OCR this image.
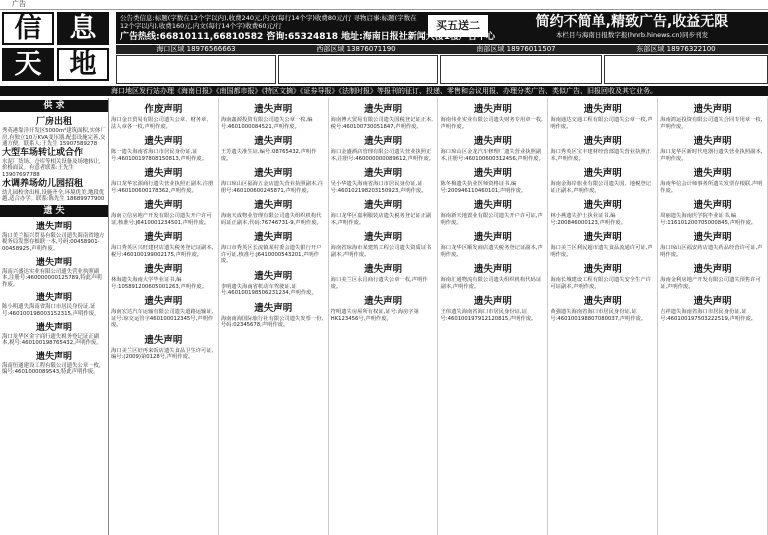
广告
信	息
天	地
公告类信息:标题(字数在12个字以内),收费240元,内文(每行14个字)收费80元/行 寻物启事:标题(字数在12个字以内),收费160元,内文(每行14个字)收费60元/行	买五送二	简约不简单,精致广告,收益无限
本栏目与海南日报数字报(hnrb.hinews.cn)同步刊发
广告热线:66810111,66810582 咨询:65324818 地址:海南日报社新闻大楼1楼广告中心
海口区域 18976566663	西部区域 13876071190	南部区域 18976011507	东部区域 18976322100
海口地区发行站办理《海南日报》《南国都市报》《特区文摘》《证券导报》《法制时报》等报刊的征订、投递、零售和会议用报、办理分类广告、类似广告、旧报回收及其它业务。
供 求
厂房出租
秀英港靠洋开发区5000m²建筑面积,实体厂房,有独立10万KVA变压器,配套设施完善,交通方便。联系人:王先生 15907589278
大型车场转让或合作
水泥厂货场、仓库等相关设备及场地转让,价格面议。有意者联系:王先生 13907697788
水调养场幼儿园招租
幼儿园校舍出租,设施齐全,环境优美,地段优越,适合办学。联系:陈先生 18689977900
遗 失
遗失声明
海口美兰振兴贸易有限公司遗失海南省地方税务局发票存根联一本,号码:00458901-00458925,声明作废。
遗失声明
海南兴盛达实业有限公司遗失营业执照副本,注册号:460000000125789,特此声明作废。
遗失声明
陈小明遗失海南省海口市居民身份证,证号:460100198003152315,声明作废。
遗失声明
海口龙华区金宇商行遗失税务登记证正副本,税号:460100198765432,声明作废。
遗失声明
海南恒通建设工程有限公司遗失公章一枚,编号:4601000089543,特此声明作废。
作废声明
海口金日贸易有限公司遗失公章、财务章、法人章各一枚,声明作废。
遗失声明
陈一遗失海南省海口市居民身份证,证号:460100197808150813,声明作废。
遗失声明
海口龙华宏源商行遗失营业执照正副本,注册号:460100600178362,声明作废。
遗失声明
海南立信房地产开发有限公司遗失开户许可证,核准号:J6410001234501,声明作废。
遗失声明
海口秀英区兴旺建材店遗失税务登记证副本,税号:460100199002175,声明作废。
遗失声明
林海遗失海南大学毕业证书,编号:105891200605001263,声明作废。
遗失声明
海南宏达汽车运输有限公司遗失道路运输证,证号:琼交运管字460100012345号,声明作废。
遗失声明
海口美兰区好再来饭店遗失食品卫生许可证,编号:(2009)第0128号,声明作废。
遗失声明
海南鑫源投资有限公司遗失公章一枚,编号:4601000084521,声明作废。
遗失声明
王芳遗失准生证,编号:08765432,声明作废。
遗失声明
海口琼山区福海五金店遗失营业执照副本,注册号:460100600245871,声明作废。
遗失声明
海南天成物业管理有限公司遗失组织机构代码证正副本,代码:76746731-9,声明作废。
遗失声明
海口市秀英区长流镇某村委会遗失银行开户许可证,核准号:J6410000543201,声明作废。
遗失声明
李明遗失海南省机动车驾驶证,证号:460100198506231234,声明作废。
遗失声明
海南南海国际旅行社有限公司遗失发票一份,号码:02345678,声明作废。
遗失声明
海南博大贸易有限公司遗失国税登记证正本,税号:460100730051847,声明作废。
遗失声明
海口金盛酒店管理有限公司遗失营业执照正本,注册号:460000000089612,声明作废。
遗失声明
吴小华遗失海南省海口市居民身份证,证号:460102198203150923,声明作废。
遗失声明
海口龙华区嘉利服装店遗失税务登记证正副本,声明作废。
遗失声明
海南省琼海市某建筑工程公司遗失资质证书副本,声明作废。
遗失声明
海口美兰区永昌商行遗失公章一枚,声明作废。
遗失声明
符明遗失房屋所有权证,证号:海房字第HK123456号,声明作废。
遗失声明
海南伟业实业有限公司遗失财务专用章一枚,声明作废。
遗失声明
海口琼山区金龙汽车修理厂遗失营业执照副本,注册号:460100600312456,声明作废。
遗失声明
陈冬梅遗失执业医师资格证书,编号:200946110460101,声明作废。
遗失声明
海南新天地置业有限公司遗失开户许可证,声明作废。
遗失声明
海口龙华区顺发商店遗失税务登记证副本,声明作废。
遗失声明
海南汇通物流有限公司遗失组织机构代码证副本,声明作废。
遗失声明
王伟遗失海南省海口市居民身份证,证号:460100197912120815,声明作废。
遗失声明
海南通达交通工程有限公司遗失公章一枚,声明作废。
遗失声明
海口秀英区宝丰建材经营部遗失营业执照正本,声明作废。
遗失声明
海南金海岸旅业有限公司遗失国、地税登记证正副本,声明作废。
遗失声明
林小燕遗失护士执业证书,编号:200846000123,声明作废。
遗失声明
海口美兰区利民超市遗失食品流通许可证,声明作废。
遗失声明
海南长城建设工程有限公司遗失安全生产许可证副本,声明作废。
遗失声明
黄强遗失海南省海口市居民身份证,证号:460100198807080037,声明作废。
遗失声明
海南鸿运投资有限公司遗失合同专用章一枚,声明作废。
遗失声明
海口龙华区新时代电器行遗失营业执照副本,声明作废。
遗失声明
海南华信会计师事务所遗失发票存根联,声明作废。
遗失声明
周丽遗失海南医学院毕业证书,编号:116101200705000845,声明作废。
遗失声明
海口琼山区福安药店遗失药品经营许可证,声明作废。
遗失声明
海南金利房地产开发有限公司遗失预售许可证,声明作废。
遗失声明
吉祥遗失海南省海口市居民身份证,证号:460100197503222519,声明作废。
